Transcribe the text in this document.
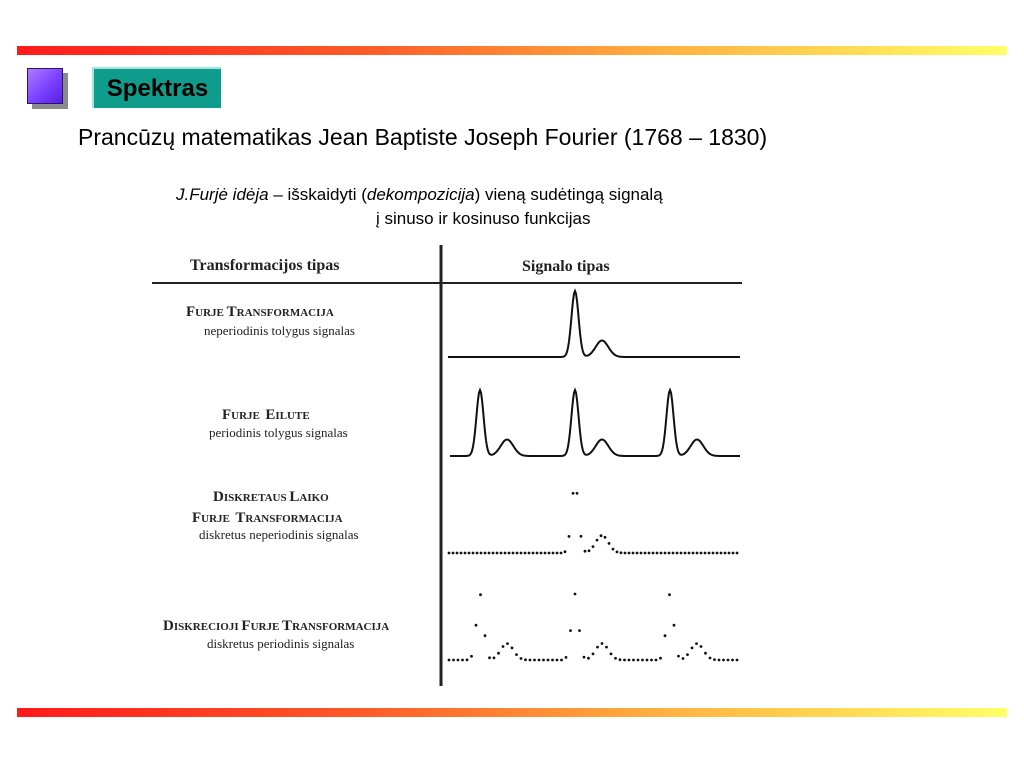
Spektras
Prancūzų matematikas Jean Baptiste Joseph Fourier (1768 – 1830)
J.Furjė idėja – išskaidyti (dekompozicija) vieną sudėtingą signalą
į sinuso ir kosinuso funkcijas
Transformacijos tipas	Signalo tipas
FURJE TRANSFORMACIJA
neperiodinis tolygus signalas
FURJE EILUTE
periodinis tolygus signalas
DISKRETAUS LAIKO
FURJE TRANSFORMACIJA
diskretus neperiodinis signalas
DISKRECIOJI FURJE TRANSFORMACIJA
diskretus periodinis signalas
